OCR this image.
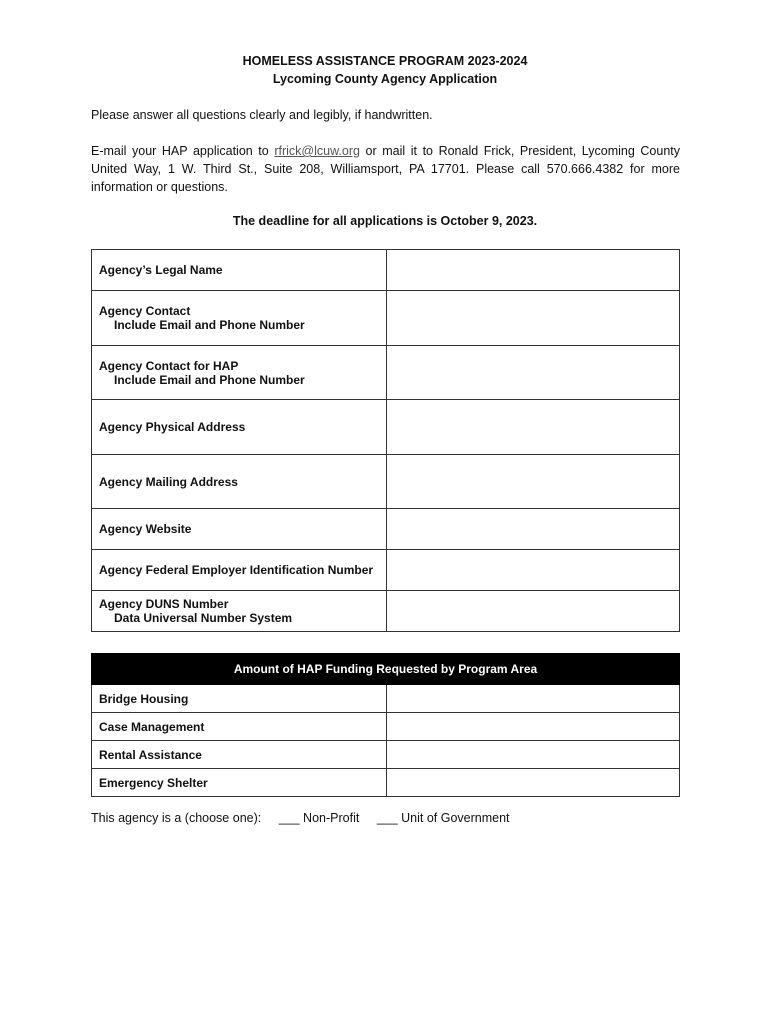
HOMELESS ASSISTANCE PROGRAM 2023-2024
Lycoming County Agency Application
Please answer all questions clearly and legibly, if handwritten.
E-mail your HAP application to rfrick@lcuw.org or mail it to Ronald Frick, President, Lycoming County United Way, 1 W. Third St., Suite 208, Williamsport, PA 17701. Please call 570.666.4382 for more information or questions.
The deadline for all applications is October 9, 2023.
Agency’s Legal Name	
Agency Contact
Include Email and Phone Number	

Agency Contact for HAP
Include Email and Phone Number	

Agency Physical Address	
Agency Mailing Address	
Agency Website	
Agency Federal Employer Identification Number	
Agency DUNS Number
Data Universal Number System	

Amount of HAP Funding Requested by Program Area	
Bridge Housing	
Case Management	
Rental Assistance	
Emergency Shelter	
This agency is a (choose one): ___ Non-Profit ___ Unit of Government
